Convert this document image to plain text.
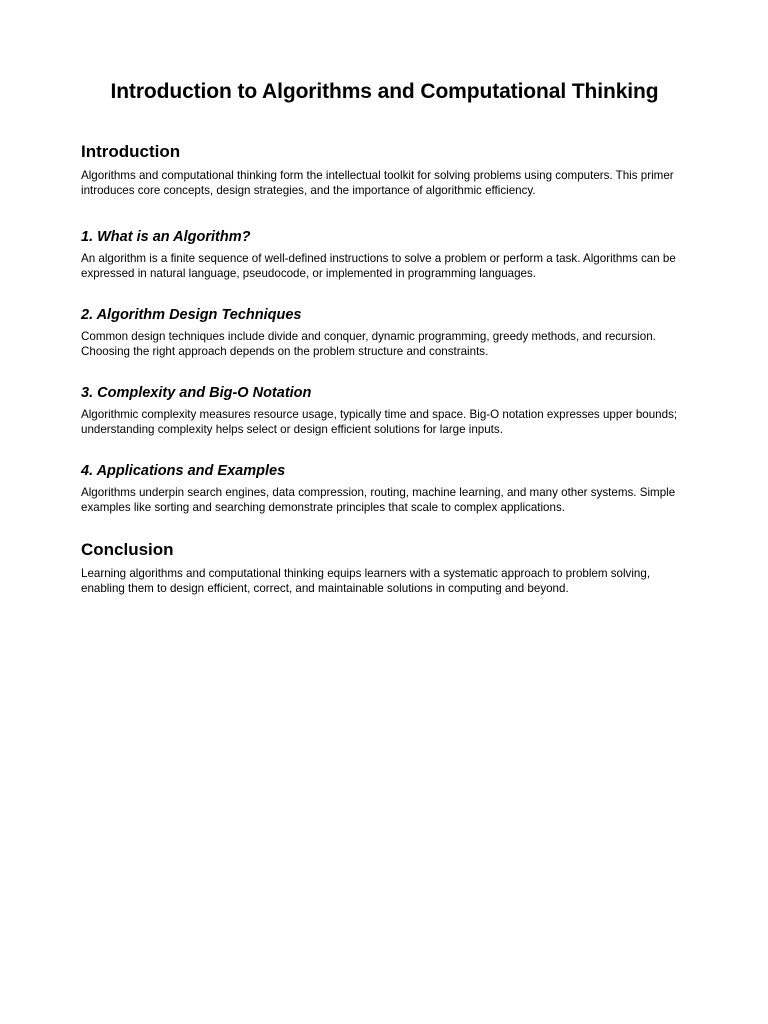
Introduction to Algorithms and Computational Thinking
Introduction

Algorithms and computational thinking form the intellectual toolkit for solving problems using computers. This primer introduces core concepts, design strategies, and the importance of algorithmic efficiency.

1. What is an Algorithm?

An algorithm is a finite sequence of well-defined instructions to solve a problem or perform a task. Algorithms can be expressed in natural language, pseudocode, or implemented in programming languages.

2. Algorithm Design Techniques

Common design techniques include divide and conquer, dynamic programming, greedy methods, and recursion. Choosing the right approach depends on the problem structure and constraints.

3. Complexity and Big-O Notation

Algorithmic complexity measures resource usage, typically time and space. Big-O notation expresses upper bounds; understanding complexity helps select or design efficient solutions for large inputs.

4. Applications and Examples

Algorithms underpin search engines, data compression, routing, machine learning, and many other systems. Simple examples like sorting and searching demonstrate principles that scale to complex applications.

Conclusion

Learning algorithms and computational thinking equips learners with a systematic approach to problem solving, enabling them to design efficient, correct, and maintainable solutions in computing and beyond.
